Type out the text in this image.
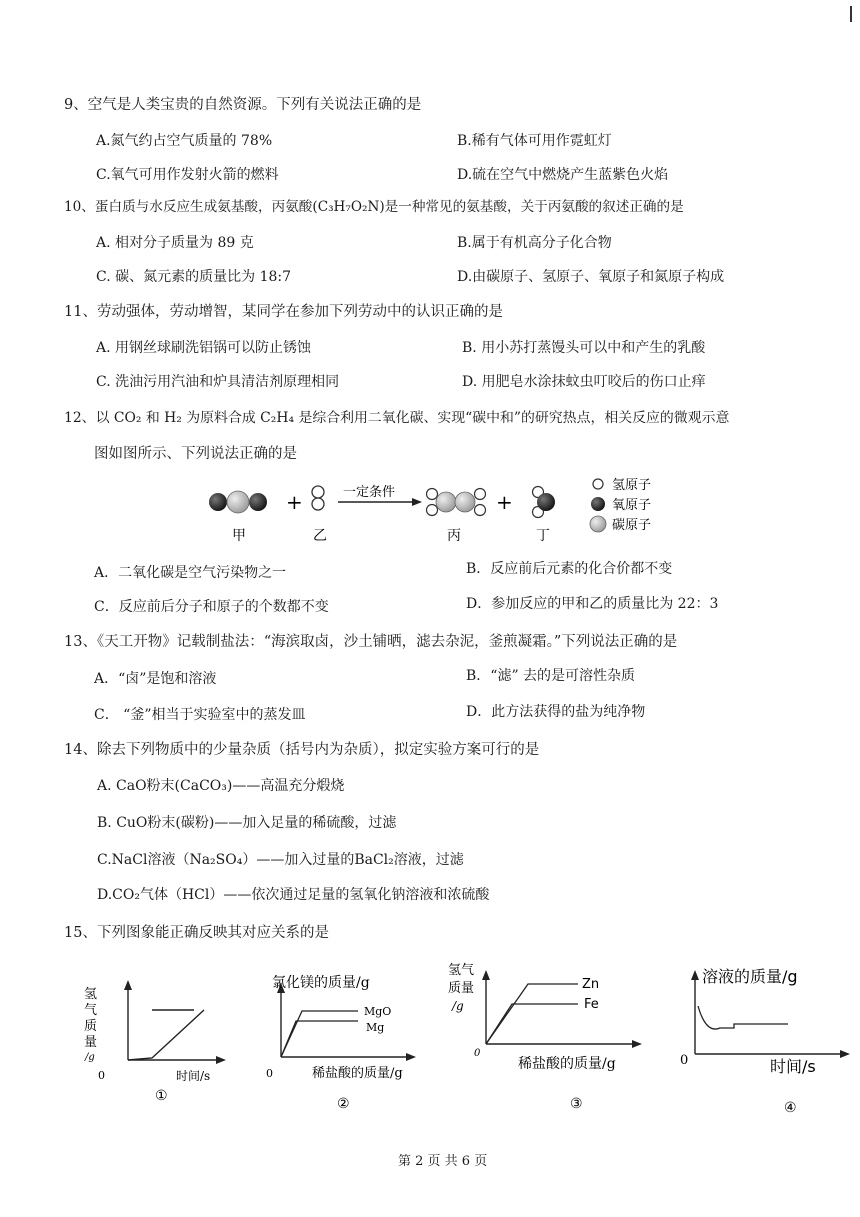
9、空气是人类宝贵的自然资源。下列有关说法正确的是
A.氮气约占空气质量的 78%	B.稀有气体可用作霓虹灯
C.氧气可用作发射火箭的燃料	D.硫在空气中燃烧产生蓝紫色火焰
10、蛋白质与水反应生成氨基酸，丙氨酸(C₃H₇O₂N)是一种常见的氨基酸，关于丙氨酸的叙述正确的是
A. 相对分子质量为 89 克	B.属于有机高分子化合物
C. 碳、氮元素的质量比为 18:7	D.由碳原子、氢原子、氧原子和氮原子构成
11、劳动强体，劳动增智，某同学在参加下列劳动中的认识正确的是
A. 用钢丝球刷洗铝锅可以防止锈蚀	B. 用小苏打蒸馒头可以中和产生的乳酸
C. 洗油污用汽油和炉具清洁剂原理相同	D. 用肥皂水涂抹蚊虫叮咬后的伤口止痒
12、以 CO₂ 和 H₂ 为原料合成 C₂H₄ 是综合利用二氧化碳、实现“碳中和”的研究热点，相关反应的微观示意
图如图所示、下列说法正确的是
+	一定条件	+
甲	乙	丙	丁
氢原子
氧原子
碳原子
A．二氧化碳是空气污染物之一	B．反应前后元素的化合价都不变
C．反应前后分子和原子的个数都不变	D．参加反应的甲和乙的质量比为 22：3
13、《天工开物》记载制盐法：“海滨取卤，沙土铺晒，滤去杂泥，釜煎凝霜。”下列说法正确的是
A．“卤”是饱和溶液	B．“滤” 去的是可溶性杂质
C． “釜”相当于实验室中的蒸发皿	D．此方法获得的盐为纯净物
14、除去下列物质中的少量杂质（括号内为杂质），拟定实验方案可行的是
A. CaO粉末(CaCO₃)——高温充分煅烧
B. CuO粉末(碳粉)——加入足量的稀硫酸，过滤
C.NaCl溶液（Na₂SO₄）——加入过量的BaCl₂溶液，过滤
D.CO₂气体（HCl）——依次通过足量的氢氧化钠溶液和浓硫酸
15、下列图象能正确反映其对应关系的是
氢
气
质
量
/g
0	时间/s
①
氯化镁的质量/g
MgO
Mg
0	稀盐酸的质量/g
②
氢气
质量
/g
Zn
Fe
0
稀盐酸的质量/g
③
溶液的质量/g
0	时间/s
④
第 2 页 共 6 页
